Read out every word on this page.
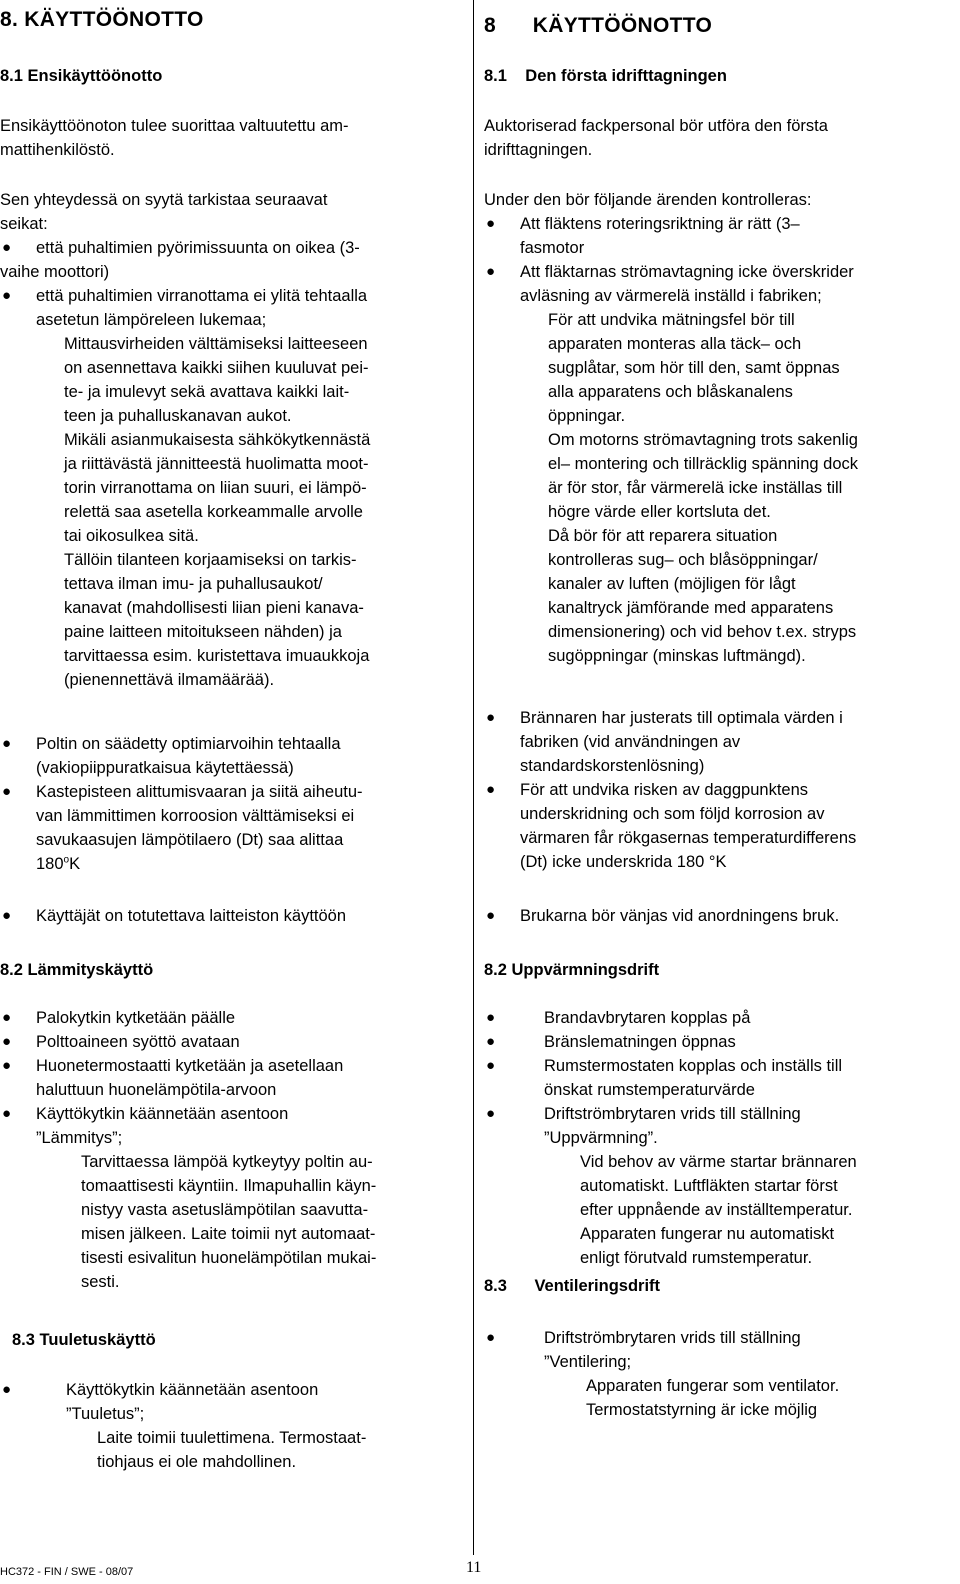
8. KÄYTTÖÖNOTTO
8.1 Ensikäyttöönotto
Ensikäyttöönoton tulee suorittaa valtuutettu am-
mattihenkilöstö.
Sen yhteydessä on syytä tarkistaa seuraavat
seikat:
● että puhaltimien pyörimissuunta on oikea (3-
vaihe moottori)
● että puhaltimien virranottama ei ylitä tehtaalla
asetetun lämpöreleen lukemaa;
Mittausvirheiden välttämiseksi laitteeseen
on asennettava kaikki siihen kuuluvat pei-
te- ja imulevyt sekä avattava kaikki lait-
teen ja puhalluskanavan aukot.
Mikäli asianmukaisesta sähkökytkennästä
ja riittävästä jännitteestä huolimatta moot-
torin virranottama on liian suuri, ei lämpö-
relettä saa asetella korkeammalle arvolle
tai oikosulkea sitä.
Tällöin tilanteen korjaamiseksi on tarkis-
tettava ilman imu- ja puhallusaukot/
kanavat (mahdollisesti liian pieni kanava-
paine laitteen mitoitukseen nähden) ja
tarvittaessa esim. kuristettava imuaukkoja
(pienennettävä ilmamäärää).
● Poltin on säädetty optimiarvoihin tehtaalla
(vakiopiippuratkaisua käytettäessä)
● Kastepisteen alittumisvaaran ja siitä aiheutu-
van lämmittimen korroosion välttämiseksi ei
savukaasujen lämpötilaero (Dt) saa alittaa
180$^o$K
● Käyttäjät on totutettava laitteiston käyttöön
8.2 Lämmityskäyttö
● Palokytkin kytketään päälle
● Polttoaineen syöttö avataan
● Huonetermostaatti kytketään ja asetellaan
haluttuun huonelämpötila-arvoon
● Käyttökytkin käännetään asentoon
”Lämmitys”;
Tarvittaessa lämpöä kytkeytyy poltin au-
tomaattisesti käyntiin. Ilmapuhallin käyn-
nistyy vasta asetuslämpötilan saavutta-
misen jälkeen. Laite toimii nyt automaat-
tisesti esivalitun huonelämpötilan mukai-
sesti.
8.3 Tuuletuskäyttö
●	Käyttökytkin käännetään asentoon
”Tuuletus”;
Laite toimii tuulettimena. Termostaat-
tiohjaus ei ole mahdollinen.
8      KÄYTTÖÖNOTTO
8.1    Den första idrifttagningen
Auktoriserad fackpersonal bör utföra den första
idrifttagningen.
Under den bör följande ärenden kontrolleras:
● Att fläktens roteringsriktning är rätt (3–
fasmotor
● Att fläktarnas strömavtagning icke överskrider
avläsning av värmerelä inställd i fabriken;
För att undvika mätningsfel bör till
apparaten monteras alla täck– och
sugplåtar, som hör till den, samt öppnas
alla apparatens och blåskanalens
öppningar.
Om motorns strömavtagning trots sakenlig
el– montering och tillräcklig spänning dock
är för stor, får värmerelä icke inställas till
högre värde eller kortsluta det.
Då bör för att reparera situation
kontrolleras sug– och blåsöppningar/
kanaler av luften (möjligen för lågt
kanaltryck jämförande med apparatens
dimensionering) och vid behov t.ex. stryps
sugöppningar (minskas luftmängd).
● Brännaren har justerats till optimala värden i
fabriken (vid användningen av
standardskorstenlösning)
● För att undvika risken av daggpunktens
underskridning och som följd korrosion av
värmaren får rökgasernas temperaturdifferens
(Dt) icke underskrida 180 °K
● Brukarna bör vänjas vid anordningens bruk.
8.2 Uppvärmningsdrift
●	Brandavbrytaren kopplas på
●	Bränslematningen öppnas
●	Rumstermostaten kopplas och inställs till
önskat rumstemperaturvärde
●	Driftströmbrytaren vrids till ställning
”Uppvärmning”.
Vid behov av värme startar brännaren
automatiskt. Luftfläkten startar först
efter uppnående av inställtemperatur.
Apparaten fungerar nu automatiskt
enligt förutvald rumstemperatur.
8.3      Ventileringsdrift
●	Driftströmbrytaren vrids till ställning
”Ventilering;
Apparaten fungerar som ventilator.
Termostatstyrning är icke möjlig
HC372 - FIN / SWE - 08/07	11
